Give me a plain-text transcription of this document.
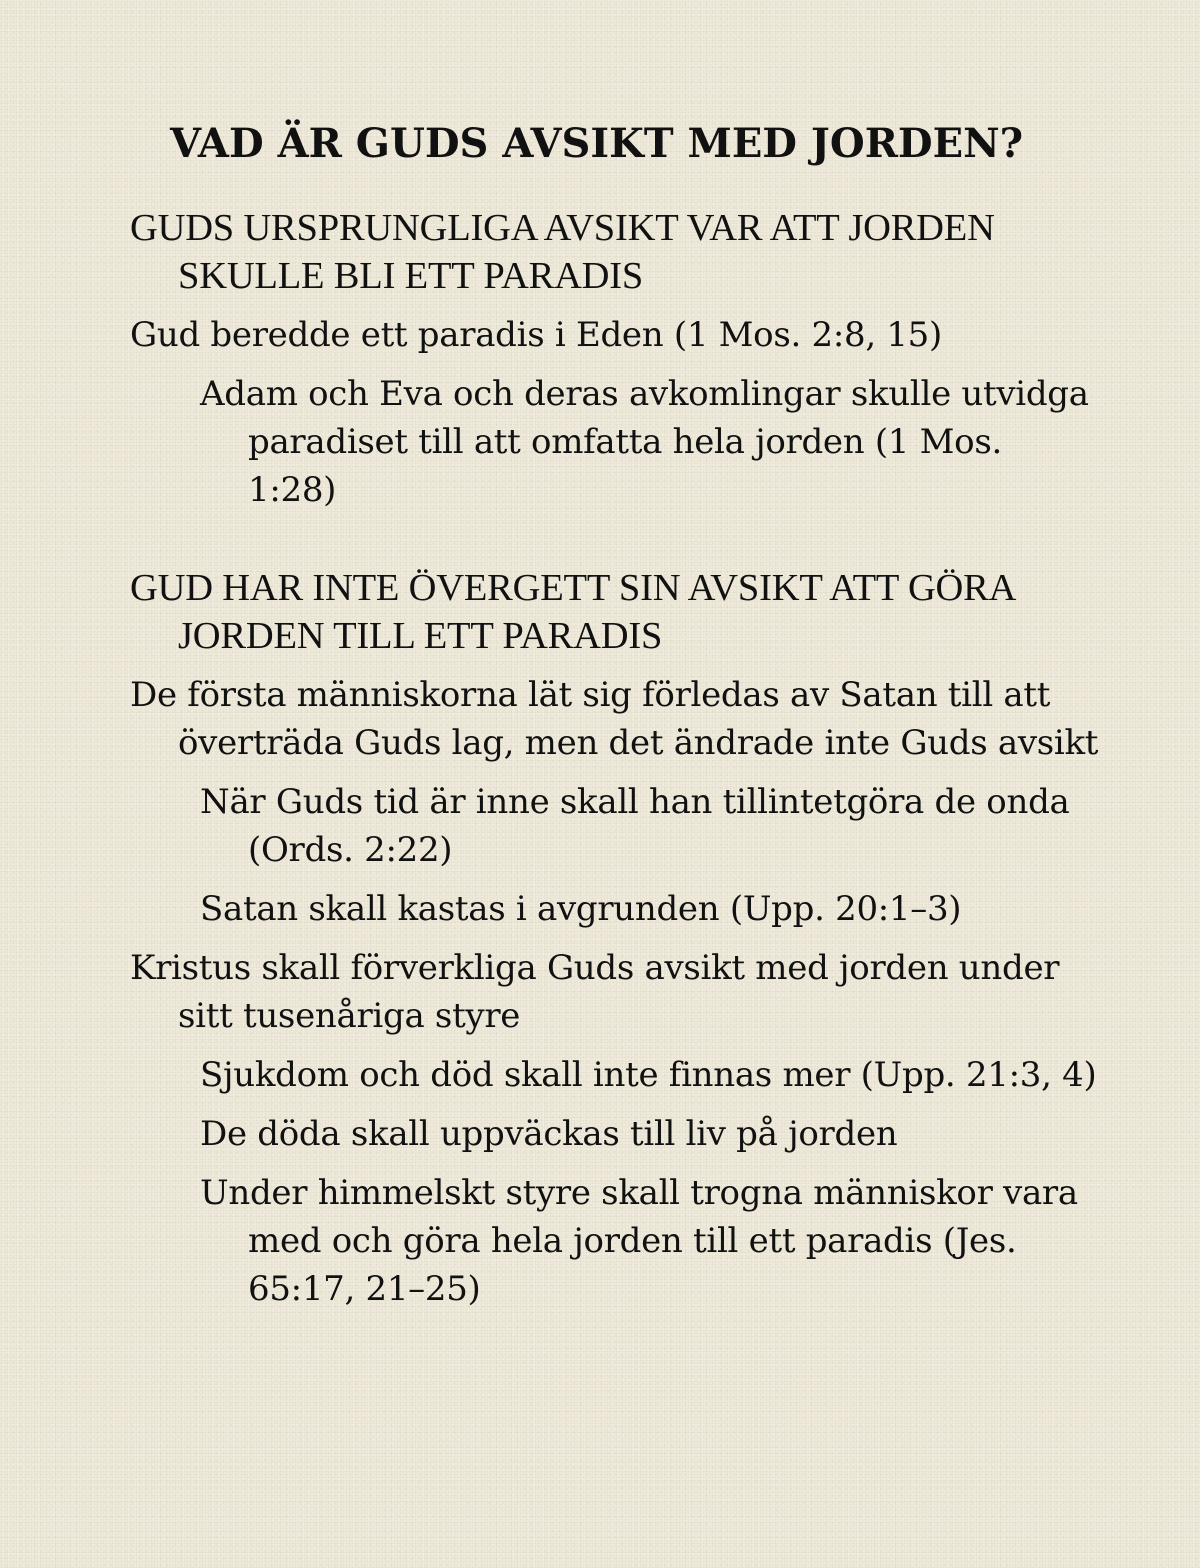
VAD ÄR GUDS AVSIKT MED JORDEN?
GUDS URSPRUNGLIGA AVSIKT VAR ATT JORDEN SKULLE BLI ETT PARADIS
Gud beredde ett paradis i Eden (1 Mos. 2:8, 15)
Adam och Eva och deras avkomlingar skulle utvidga paradiset till att omfatta hela jorden (1 Mos. 1:28)
GUD HAR INTE ÖVERGETT SIN AVSIKT ATT GÖRA JORDEN TILL ETT PARADIS
De första människorna lät sig förledas av Satan till att överträda Guds lag, men det ändrade inte Guds avsikt
När Guds tid är inne skall han tillintetgöra de onda (Ords. 2:22)
Satan skall kastas i avgrunden (Upp. 20:1–3)
Kristus skall förverkliga Guds avsikt med jorden under sitt tusenåriga styre
Sjukdom och död skall inte finnas mer (Upp. 21:3, 4)
De döda skall uppväckas till liv på jorden
Under himmelskt styre skall trogna människor vara med och göra hela jorden till ett paradis (Jes. 65:17, 21–25)
